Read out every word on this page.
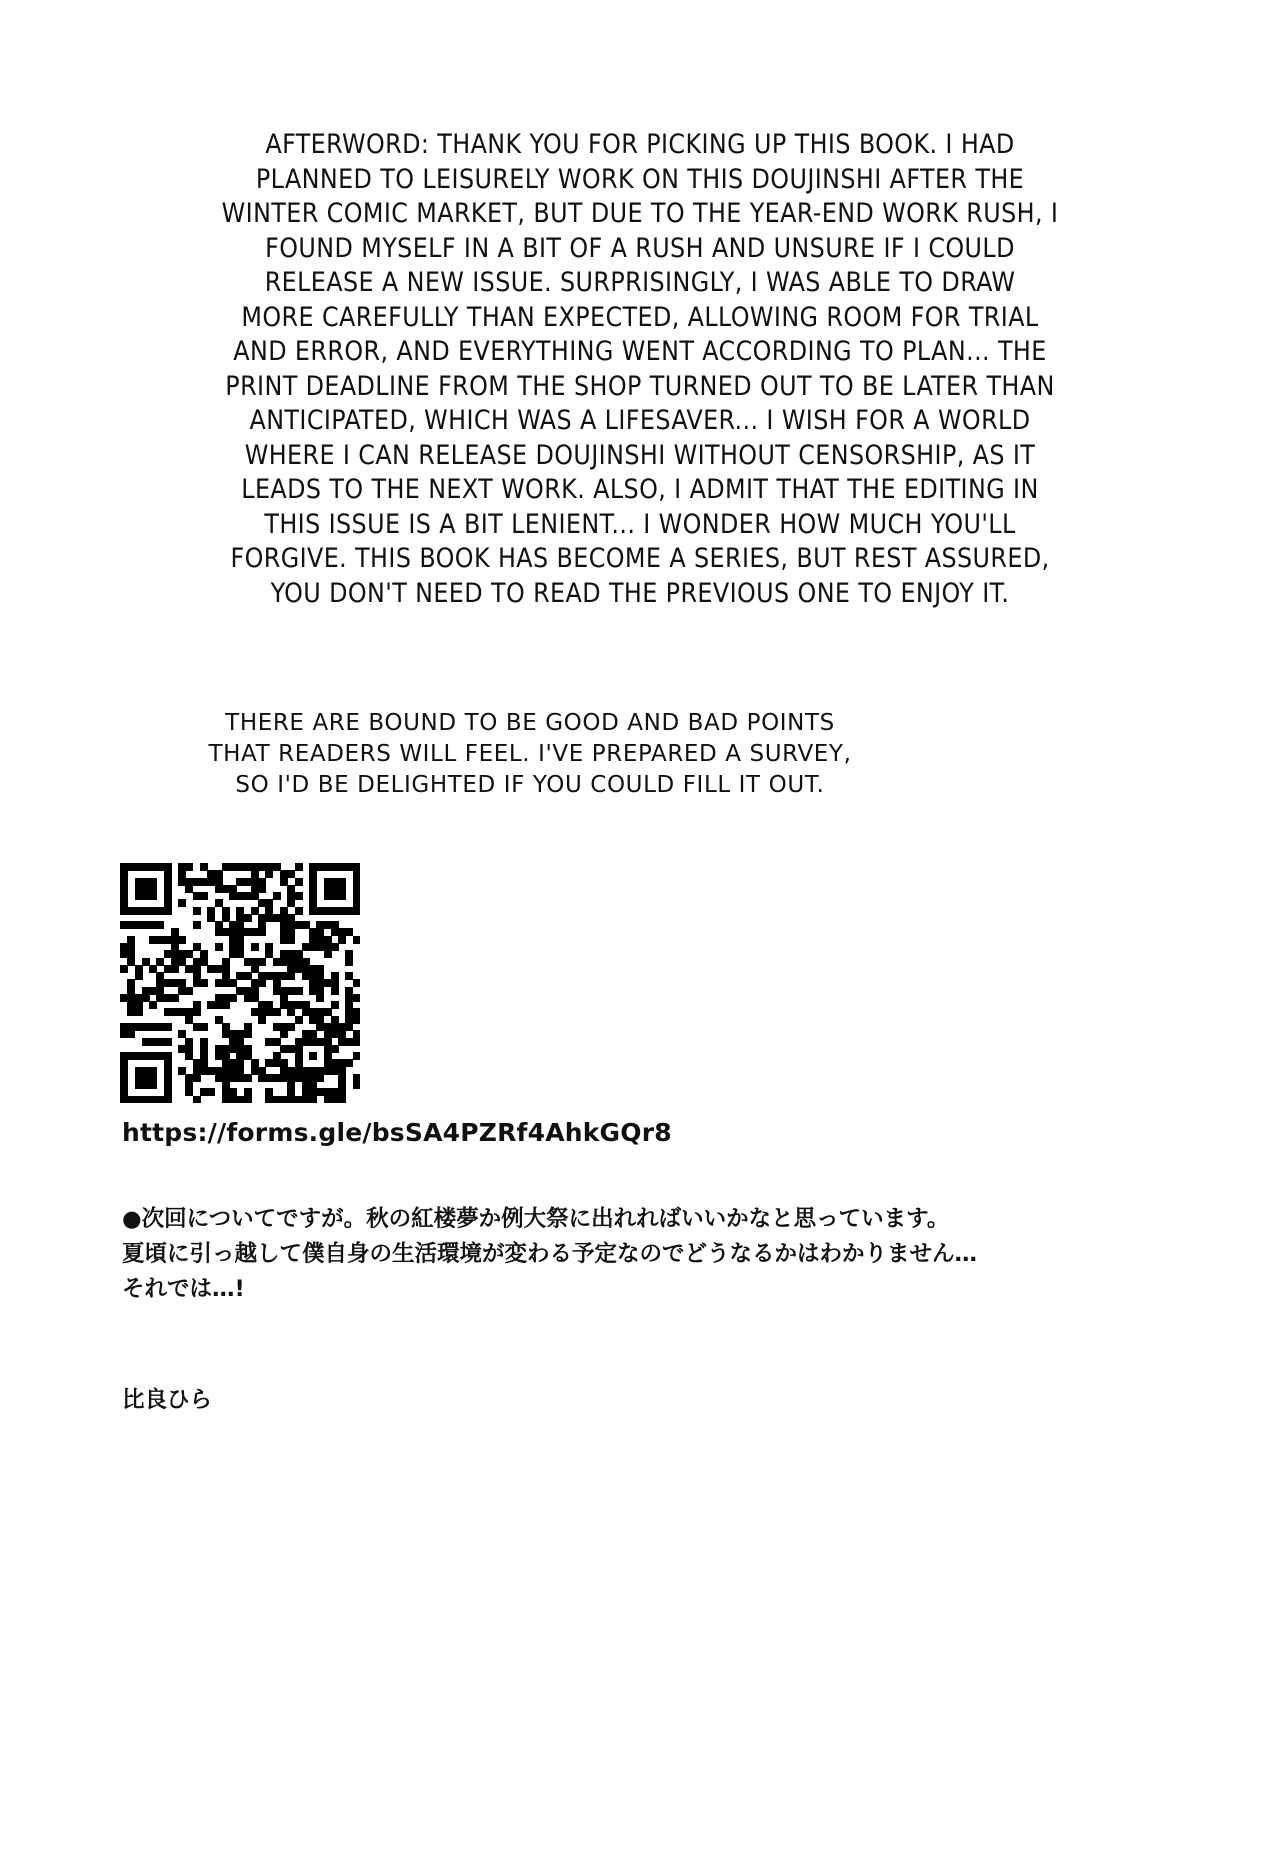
AFTERWORD: THANK YOU FOR PICKING UP THIS BOOK. I HAD

PLANNED TO LEISURELY WORK ON THIS DOUJINSHI AFTER THE

WINTER COMIC MARKET, BUT DUE TO THE YEAR-END WORK RUSH, I

FOUND MYSELF IN A BIT OF A RUSH AND UNSURE IF I COULD

RELEASE A NEW ISSUE. SURPRISINGLY, I WAS ABLE TO DRAW

MORE CAREFULLY THAN EXPECTED, ALLOWING ROOM FOR TRIAL

AND ERROR, AND EVERYTHING WENT ACCORDING TO PLAN... THE

PRINT DEADLINE FROM THE SHOP TURNED OUT TO BE LATER THAN

ANTICIPATED, WHICH WAS A LIFESAVER... I WISH FOR A WORLD

WHERE I CAN RELEASE DOUJINSHI WITHOUT CENSORSHIP, AS IT

LEADS TO THE NEXT WORK. ALSO, I ADMIT THAT THE EDITING IN

THIS ISSUE IS A BIT LENIENT... I WONDER HOW MUCH YOU'LL

FORGIVE. THIS BOOK HAS BECOME A SERIES, BUT REST ASSURED,

YOU DON'T NEED TO READ THE PREVIOUS ONE TO ENJOY IT.

THERE ARE BOUND TO BE GOOD AND BAD POINTS

THAT READERS WILL FEEL. I'VE PREPARED A SURVEY,

SO I'D BE DELIGHTED IF YOU COULD FILL IT OUT.

https://forms.gle/bsSA4PZRf4AhkGQr8
●次回についてですが。秋の紅楼夢か例大祭に出れればいいかなと思っています。
夏頃に引っ越して僕自身の生活環境が変わる予定なのでどうなるかはわかりません…
それでは…!
比良ひら
